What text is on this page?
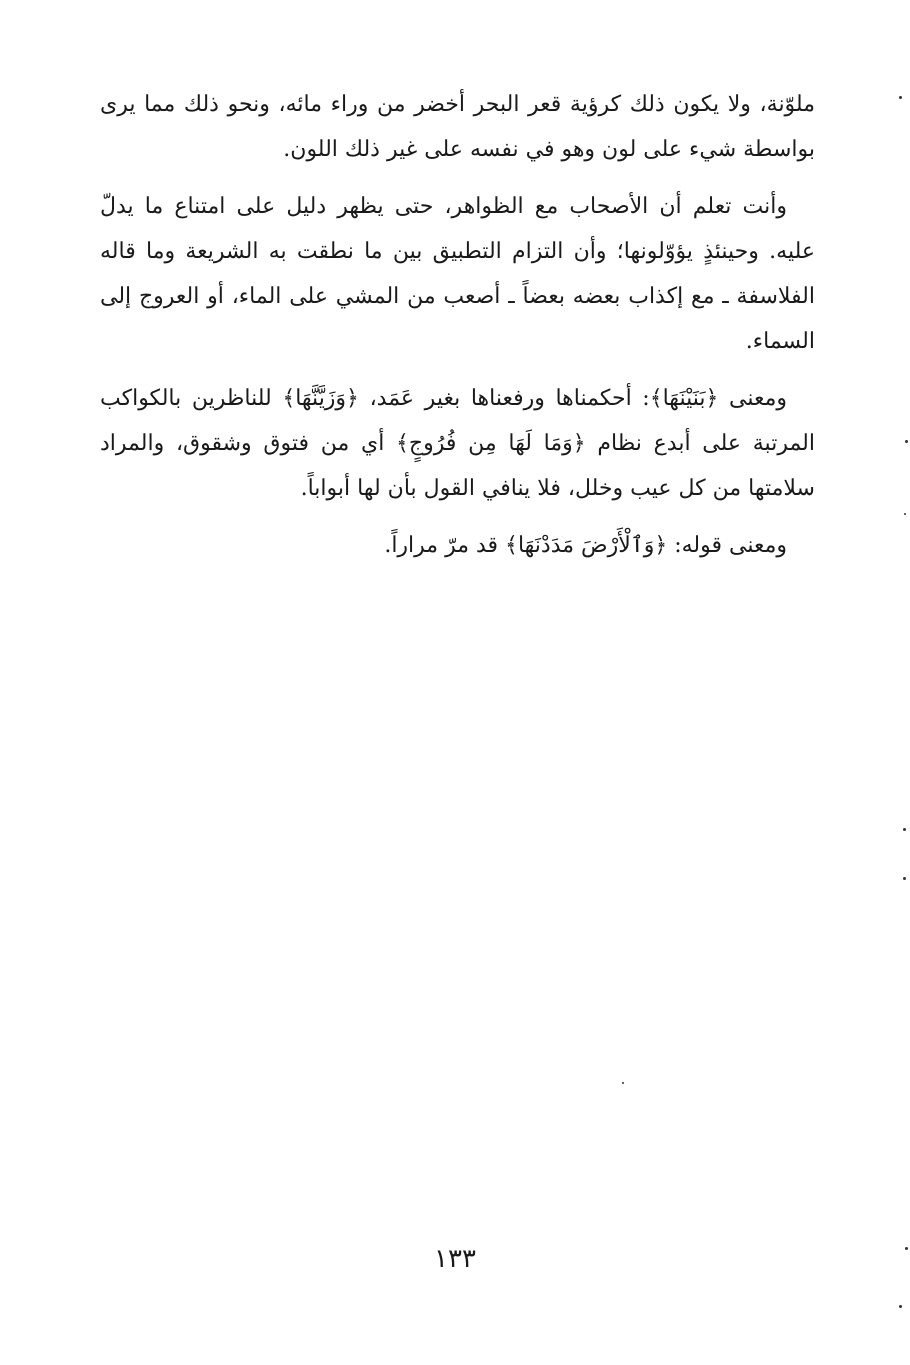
ملوّنة، ولا يكون ذلك كرؤية قعر البحر أخضر من وراء مائه، ونحو ذلك مما يرى بواسطة شيء على لون وهو في نفسه على غير ذلك اللون.

وأنت تعلم أن الأصحاب مع الظواهر، حتى يظهر دليل على امتناع ما يدلّ عليه. وحينئذٍ يؤوّلونها؛ وأن التزام التطبيق بين ما نطقت به الشريعة وما قاله الفلاسفة ـ مع إكذاب بعضه بعضاً ـ أصعب من المشي على الماء، أو العروج إلى السماء.

ومعنى ﴿بَنَيْنَهَا﴾: أحكمناها ورفعناها بغير عَمَد، ﴿وَزَيَّنَّهَا﴾ للناظرين بالكواكب المرتبة على أبدع نظام ﴿وَمَا لَهَا مِن فُرُوجٍ﴾ أي من فتوق وشقوق، والمراد سلامتها من كل عيب وخلل، فلا ينافي القول بأن لها أبواباً.

ومعنى قوله: ﴿وَٱلْأَرْضَ مَدَدْنَهَا﴾ قد مرّ مراراً.

١٣٣
